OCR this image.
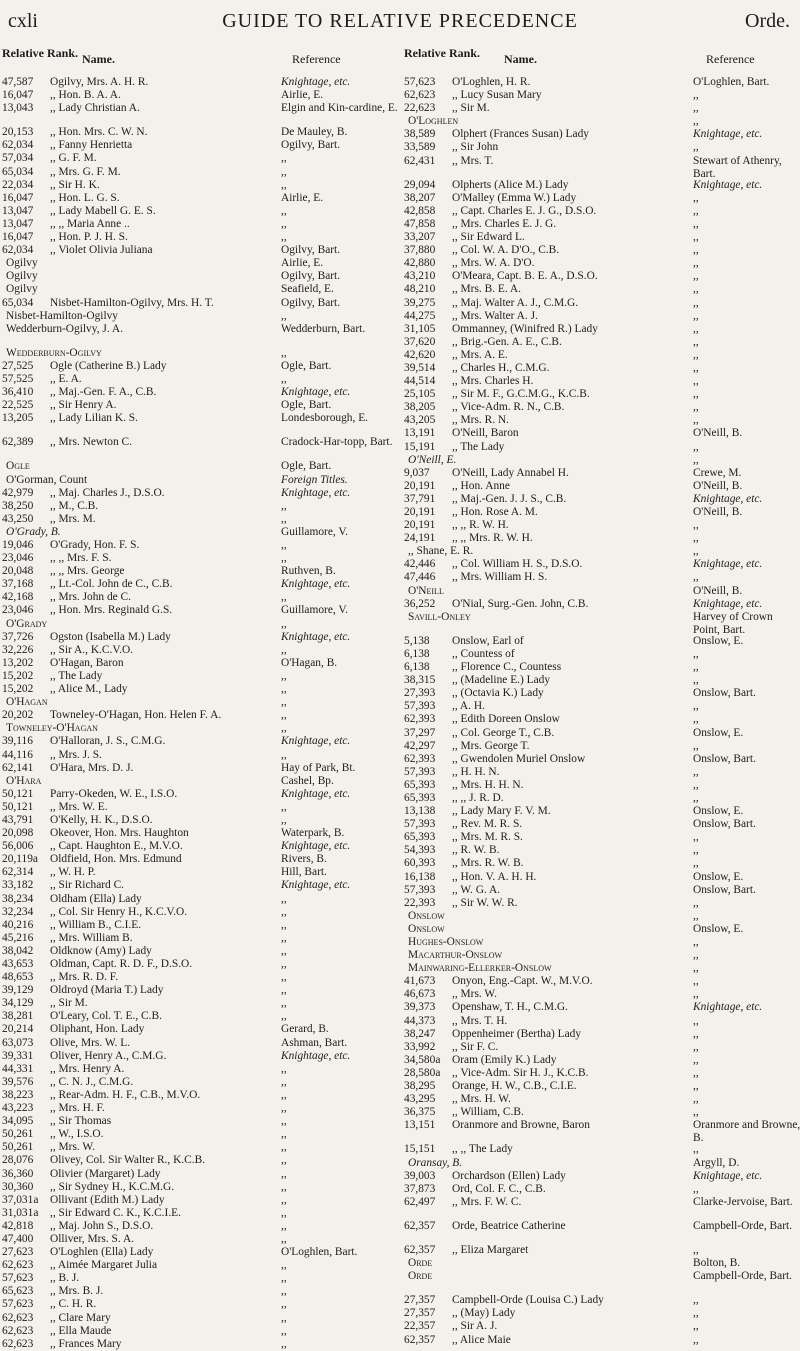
cxli	GUIDE TO RELATIVE PRECEDENCE	Orde.
Relative Rank. Name.	Reference
47,587	Ogilvy, Mrs. A. H. R.	Knightage, etc.
16,047	,, Hon. B. A. A.	Airlie, E.
13,043	,, Lady Christian A.	Elgin and Kin-cardine, E.
20,153	,, Hon. Mrs. C. W. N.	De Mauley, B.
62,034	,, Fanny Henrietta	Ogilvy, Bart.
57,034	,, G. F. M.	,,
65,034	,, Mrs. G. F. M.	,,
22,034	,, Sir H. K.	,,
16,047	,, Hon. L. G. S.	Airlie, E.
13,047	,, Lady Mabell G. E. S.	,,
13,047	,, ,, Maria Anne ..	,,
16,047	,, Hon. P. J. H. S.	,,
62,034	,, Violet Olivia Juliana	Ogilvy, Bart.
Ogilvy	Airlie, E.
Ogilvy	Ogilvy, Bart.
Ogilvy	Seafield, E.
65,034	Nisbet-Hamilton-Ogilvy, Mrs. H. T.	Ogilvy, Bart.
Nisbet-Hamilton-Ogilvy	,,
Wedderburn-Ogilvy, J. A.	Wedderburn, Bart.
Wedderburn-Ogilvy	,,
27,525	Ogle (Catherine B.) Lady	Ogle, Bart.
57,525	,, E. A.	,,
36,410	,, Maj.-Gen. F. A., C.B.	Knightage, etc.
22,525	,, Sir Henry A.	Ogle, Bart.
13,205	,, Lady Lilian K. S.	Londesborough, E.
62,389	,, Mrs. Newton C.	Cradock-Har-topp, Bart.
Ogle	Ogle, Bart.
O'Gorman, Count	Foreign Titles.
42,979	,, Maj. Charles J., D.S.O.	Knightage, etc.
38,250	,, M., C.B.	,,
43,250	,, Mrs. M.	,,
O'Grady, B.	Guillamore, V.
19,046	O'Grady, Hon. F. S.	,,
23,046	,, ,, Mrs. F. S.	,,
20,048	,, ,, Mrs. George	Ruthven, B.
37,168	,, Lt.-Col. John de C., C.B.	Knightage, etc.
42,168	,, Mrs. John de C.	,,
23,046	,, Hon. Mrs. Reginald G.S.	Guillamore, V.
O'Grady	,,
37,726	Ogston (Isabella M.) Lady	Knightage, etc.
32,226	,, Sir A., K.C.V.O.	,,
13,202	O'Hagan, Baron	O'Hagan, B.
15,202	,, The Lady	,,
15,202	,, Alice M., Lady	,,
O'Hagan	,,
20,202	Towneley-O'Hagan, Hon. Helen F. A.	,,
Towneley-O'Hagan	,,
39,116	O'Halloran, J. S., C.M.G.	Knightage, etc.
44,116	,, Mrs. J. S.	,,
62,141	O'Hara, Mrs. D. J.	Hay of Park, Bt.
O'Hara	Cashel, Bp.
50,121	Parry-Okeden, W. E., I.S.O.	Knightage, etc.
50,121	,, Mrs. W. E.	,,
43,791	O'Kelly, H. K., D.S.O.	,,
20,098	Okeover, Hon. Mrs. Haughton	Waterpark, B.
56,006	,, Capt. Haughton E., M.V.O.	Knightage, etc.
20,119a	Oldfield, Hon. Mrs. Edmund	Rivers, B.
62,314	,, W. H. P.	Hill, Bart.
33,182	,, Sir Richard C.	Knightage, etc.
38,234	Oldham (Ella) Lady	,,
32,234	,, Col. Sir Henry H., K.C.V.O.	,,
40,216	,, William B., C.I.E.	,,
45,216	,, Mrs. William B.	,,
38,042	Oldknow (Amy) Lady	,,
43,653	Oldman, Capt. R. D. F., D.S.O.	,,
48,653	,, Mrs. R. D. F.	,,
39,129	Oldroyd (Maria T.) Lady	,,
34,129	,, Sir M.	,,
38,281	O'Leary, Col. T. E., C.B.	,,
20,214	Oliphant, Hon. Lady	Gerard, B.
63,073	Olive, Mrs. W. L.	Ashman, Bart.
39,331	Oliver, Henry A., C.M.G.	Knightage, etc.
44,331	,, Mrs. Henry A.	,,
39,576	,, C. N. J., C.M.G.	,,
38,223	,, Rear-Adm. H. F., C.B., M.V.O.	,,
43,223	,, Mrs. H. F.	,,
34,095	,, Sir Thomas	,,
50,261	,, W., I.S.O.	,,
50,261	,, Mrs. W.	,,
28,076	Olivey, Col. Sir Walter R., K.C.B.	,,
36,360	Olivier (Margaret) Lady	,,
30,360	,, Sir Sydney H., K.C.M.G.	,,
37,031a	Ollivant (Edith M.) Lady	,,
31,031a	,, Sir Edward C. K., K.C.I.E.	,,
42,818	,, Maj. John S., D.S.O.	,,
47,400	Olliver, Mrs. S. A.	,,
27,623	O'Loghlen (Ella) Lady	O'Loghlen, Bart.
62,623	,, Aimée Margaret Julia	,,
57,623	,, B. J.	,,
65,623	,, Mrs. B. J.	,,
57,623	,, C. H. R.	,,
62,623	,, Clare Mary	,,
62,623	,, Ella Maude	,,
62,623	,, Frances Mary	,,
Relative Rank. Name.	Reference
57,623	O'Loghlen, H. R.	O'Loghlen, Bart.
62,623	,, Lucy Susan Mary	,,
22,623	,, Sir M.	,,
O'Loghlen	,,
38,589	Olphert (Frances Susan) Lady	Knightage, etc.
33,589	,, Sir John	,,
62,431	,, Mrs. T.	Stewart of Athenry, Bart.
29,094	Olpherts (Alice M.) Lady	Knightage, etc.
38,207	O'Malley (Emma W.) Lady	,,
42,858	,, Capt. Charles E. J. G., D.S.O.	,,
47,858	,, Mrs. Charles E. J. G.	,,
33,207	,, Sir Edward L.	,,
37,880	,, Col. W. A. D'O., C.B.	,,
42,880	,, Mrs. W. A. D'O.	,,
43,210	O'Meara, Capt. B. E. A., D.S.O.	,,
48,210	,, Mrs. B. E. A.	,,
39,275	,, Maj. Walter A. J., C.M.G.	,,
44,275	,, Mrs. Walter A. J.	,,
31,105	Ommanney, (Winifred R.) Lady	,,
37,620	,, Brig.-Gen. A. E., C.B.	,,
42,620	,, Mrs. A. E.	,,
39,514	,, Charles H., C.M.G.	,,
44,514	,, Mrs. Charles H.	,,
25,105	,, Sir M. F., G.C.M.G., K.C.B.	,,
38,205	,, Vice-Adm. R. N., C.B.	,,
43,205	,, Mrs. R. N.	,,
13,191	O'Neill, Baron	O'Neill, B.
15,191	,, The Lady	,,
O'Neill, E.	,,
9,037	O'Neill, Lady Annabel H.	Crewe, M.
20,191	,, Hon. Anne	O'Neill, B.
37,791	,, Maj.-Gen. J. J. S., C.B.	Knightage, etc.
20,191	,, Hon. Rose A. M.	O'Neill, B.
20,191	,, ,, R. W. H.	,,
24,191	,, ,, Mrs. R. W. H.	,,
,, Shane, E. R.	,,
42,446	,, Col. William H. S., D.S.O.	Knightage, etc.
47,446	,, Mrs. William H. S.	,,
O'Neill	O'Neill, B.
36,252	O'Nial, Surg.-Gen. John, C.B.	Knightage, etc.
Savill-Onley	Harvey of Crown Point, Bart.
5,138	Onslow, Earl of	Onslow, E.
6,138	,, Countess of	,,
6,138	,, Florence C., Countess	,,
38,315	,, (Madeline E.) Lady	,,
27,393	,, (Octavia K.) Lady	Onslow, Bart.
57,393	,, A. H.	,,
62,393	,, Edith Doreen Onslow	,,
37,297	,, Col. George T., C.B.	Onslow, E.
42,297	,, Mrs. George T.	,,
62,393	,, Gwendolen Muriel Onslow	Onslow, Bart.
57,393	,, H. H. N.	,,
65,393	,, Mrs. H. H. N.	,,
65,393	,, ,, J. R. D.	,,
13,138	,, Lady Mary F. V. M.	Onslow, E.
57,393	,, Rev. M. R. S.	Onslow, Bart.
65,393	,, Mrs. M. R. S.	,,
54,393	,, R. W. B.	,,
60,393	,, Mrs. R. W. B.	,,
16,138	,, Hon. V. A. H. H.	Onslow, E.
57,393	,, W. G. A.	Onslow, Bart.
22,393	,, Sir W. W. R.	,,
Onslow	,,
Onslow	Onslow, E.
Hughes-Onslow	,,
Macarthur-Onslow	,,
Mainwaring-Ellerker-Onslow	,,
41,673	Onyon, Eng.-Capt. W., M.V.O.	,,
46,673	,, Mrs. W.	,,
39,373	Openshaw, T. H., C.M.G.	Knightage, etc.
44,373	,, Mrs. T. H.	,,
38,247	Oppenheimer (Bertha) Lady	,,
33,992	,, Sir F. C.	,,
34,580a	Oram (Emily K.) Lady	,,
28,580a	,, Vice-Adm. Sir H. J., K.C.B.	,,
38,295	Orange, H. W., C.B., C.I.E.	,,
43,295	,, Mrs. H. W.	,,
36,375	,, William, C.B.	,,
13,151	Oranmore and Browne, Baron	Oranmore and Browne, B.
15,151	,, ,, The Lady	,,
Oransay, B.	Argyll, D.
39,003	Orchardson (Ellen) Lady	Knightage, etc.
37,873	Ord, Col. F. C., C.B.	,,
62,497	,, Mrs. F. W. C.	Clarke-Jervoise, Bart.
62,357	Orde, Beatrice Catherine	Campbell-Orde, Bart.
62,357	,, Eliza Margaret	,,
Orde	Bolton, B.
Orde	Campbell-Orde, Bart.
27,357	Campbell-Orde (Louisa C.) Lady	,,
27,357	,, (May) Lady	,,
22,357	,, Sir A. J.	,,
62,357	,, Alice Maie	,,
